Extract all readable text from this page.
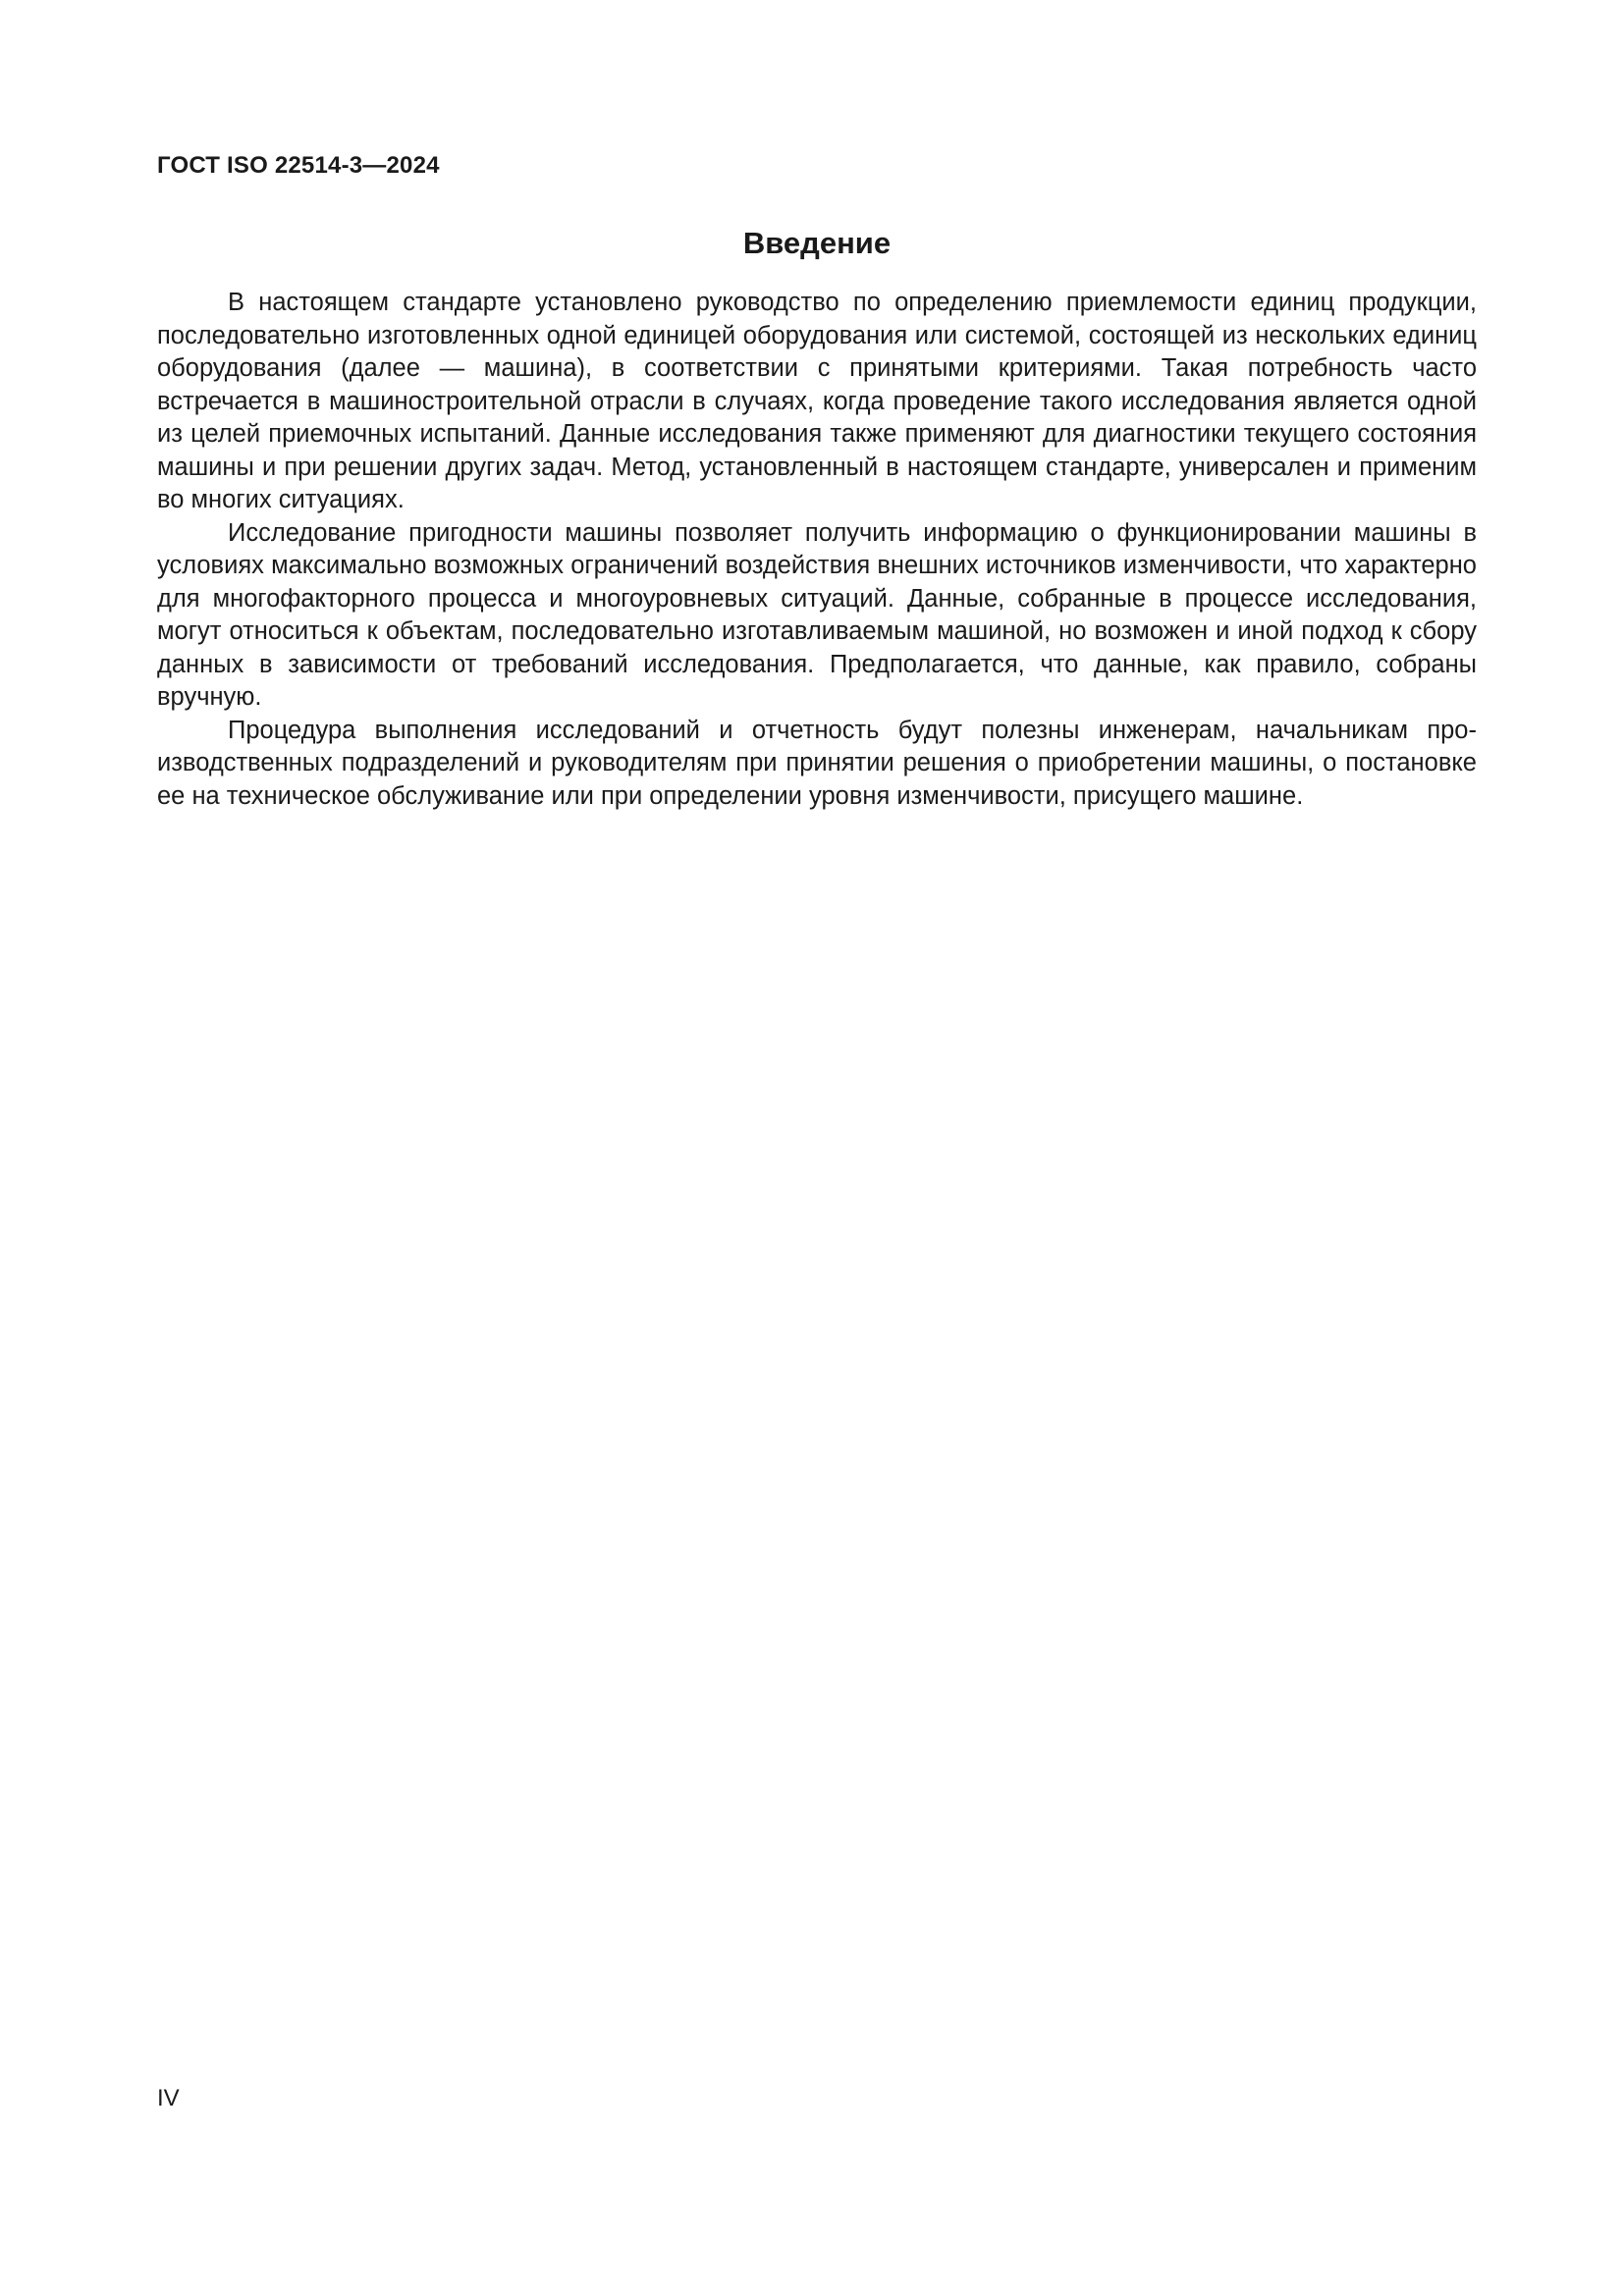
ГОСТ ISO 22514-3—2024
Введение

В настоящем стандарте установлено руководство по определению приемлемости единиц продукции, последовательно изготовленных одной единицей оборудования или системой, состоящей из нескольких единиц оборудования (далее — машина), в соответствии с принятыми критериями. Такая потребность часто встречается в машиностроительной отрасли в случаях, когда проведение такого исследования является одной из целей приемочных испытаний. Данные исследования также применяют для диагностики текущего состояния машины и при решении других задач. Метод, установленный в настоящем стандарте, универсален и применим во многих ситуациях.

Исследование пригодности машины позволяет получить информацию о функционировании машины в условиях максимально возможных ограничений воздействия внешних источников изменчивости, что характерно для многофакторного процесса и многоуровневых ситуаций. Данные, собранные в процессе исследования, могут относиться к объектам, последовательно изготавливаемым машиной, но возможен и иной подход к сбору данных в зависимости от требований исследования. Предполагается, что данные, как правило, собраны вручную.

Процедура выполнения исследований и отчетность будут полезны инженерам, начальникам производственных подразделений и руководителям при принятии решения о приобретении машины, о постановке ее на техническое обслуживание или при определении уровня изменчивости, присущего машине.

IV
